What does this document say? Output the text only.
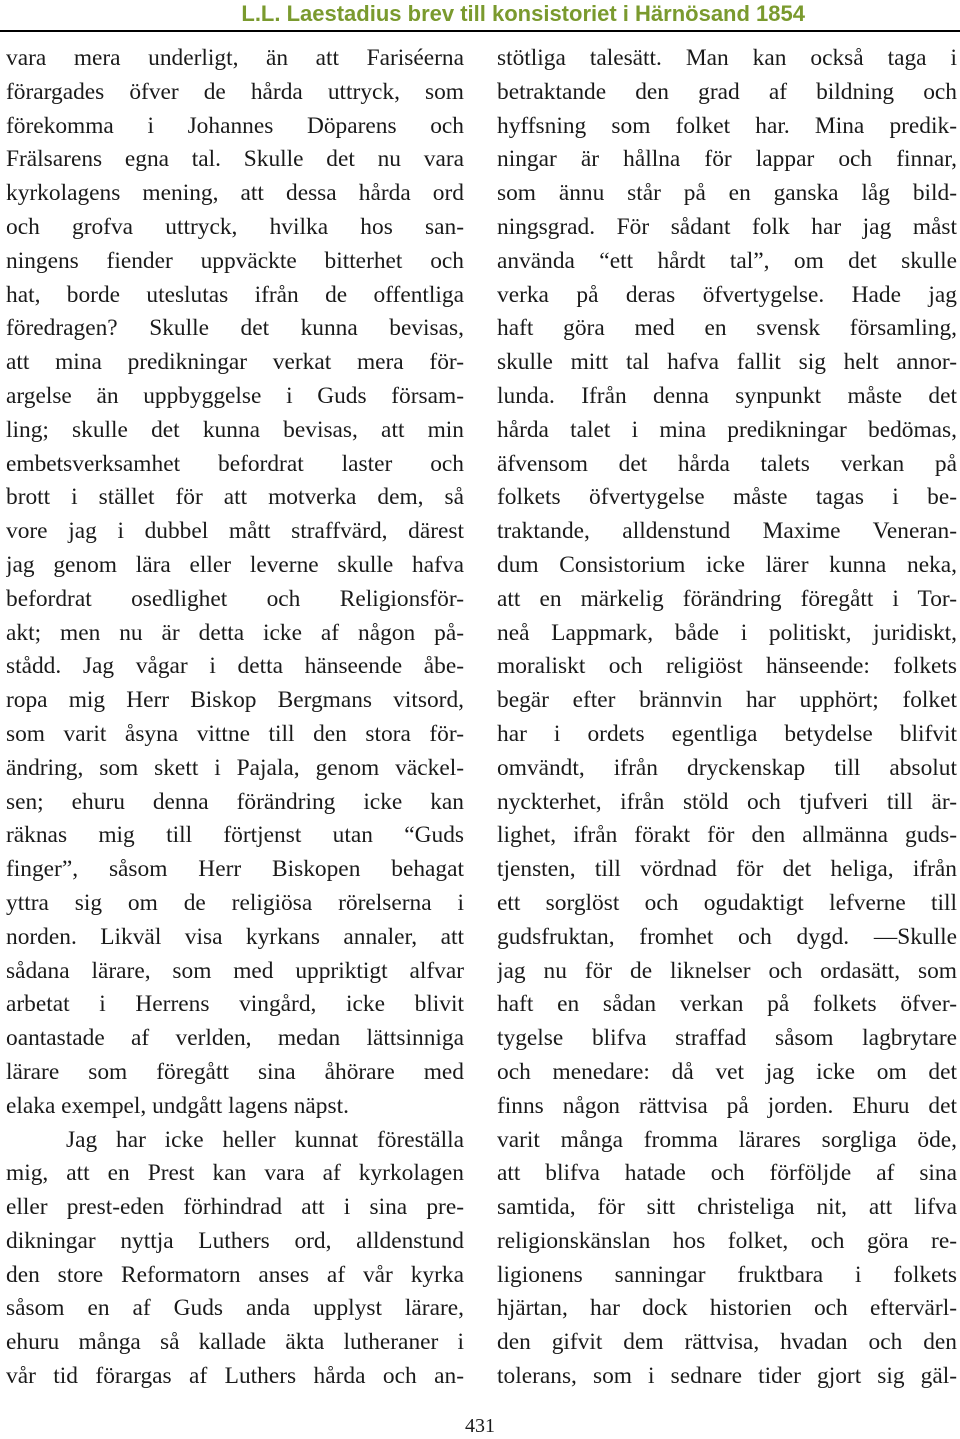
L.L. Laestadius brev till konsistoriet i Härnösand 1854
vara mera underligt, än att Fariséerna
förargades öfver de hårda uttryck, som
förekomma i Johannes Döparens och
Frälsarens egna tal. Skulle det nu vara
kyrkolagens mening, att dessa hårda ord
och grofva uttryck, hvilka hos san-
ningens fiender uppväckte bitterhet och
hat, borde uteslutas ifrån de offentliga
föredragen? Skulle det kunna bevisas,
att mina predikningar verkat mera för-
argelse än uppbyggelse i Guds försam-
ling; skulle det kunna bevisas, att min
embetsverksamhet befordrat laster och
brott i stället för att motverka dem, så
vore jag i dubbel mått straffvärd, därest
jag genom lära eller leverne skulle hafva
befordrat osedlighet och Religionsför-
akt; men nu är detta icke af någon på-
stådd. Jag vågar i detta hänseende åbe-
ropa mig Herr Biskop Bergmans vitsord,
som varit åsyna vittne till den stora för-
ändring, som skett i Pajala, genom väckel-
sen; ehuru denna förändring icke kan
räknas mig till förtjenst utan “Guds
finger”, såsom Herr Biskopen behagat
yttra sig om de religiösa rörelserna i
norden. Likväl visa kyrkans annaler, att
sådana lärare, som med uppriktigt alfvar
arbetat i Herrens vingård, icke blivit
oantastade af verlden, medan lättsinniga
lärare som föregått sina åhörare med
elaka exempel, undgått lagens näpst.
Jag har icke heller kunnat föreställa
mig, att en Prest kan vara af kyrkolagen
eller prest-eden förhindrad att i sina pre-
dikningar nyttja Luthers ord, alldenstund
den store Reformatorn anses af vår kyrka
såsom en af Guds anda upplyst lärare,
ehuru många så kallade äkta lutheraner i
vår tid förargas af Luthers hårda och an-
stötliga talesätt. Man kan också taga i
betraktande den grad af bildning och
hyffsning som folket har. Mina predik-
ningar är hållna för lappar och finnar,
som ännu står på en ganska låg bild-
ningsgrad. För sådant folk har jag måst
använda “ett hårdt tal”, om det skulle
verka på deras öfvertygelse. Hade jag
haft göra med en svensk församling,
skulle mitt tal hafva fallit sig helt annor-
lunda. Ifrån denna synpunkt måste det
hårda talet i mina predikningar bedömas,
äfvensom det hårda talets verkan på
folkets öfvertygelse måste tagas i be-
traktande, alldenstund Maxime Veneran-
dum Consistorium icke lärer kunna neka,
att en märkelig förändring föregått i Tor-
neå Lappmark, både i politiskt, juridiskt,
moraliskt och religiöst hänseende: folkets
begär efter brännvin har upphört; folket
har i ordets egentliga betydelse blifvit
omvändt, ifrån dryckenskap till absolut
nyckterhet, ifrån stöld och tjufveri till är-
lighet, ifrån förakt för den allmänna guds-
tjensten, till vördnad för det heliga, ifrån
ett sorglöst och ogudaktigt lefverne till
gudsfruktan, fromhet och dygd. —Skulle
jag nu för de liknelser och ordasätt, som
haft en sådan verkan på folkets öfver-
tygelse blifva straffad såsom lagbrytare
och menedare: då vet jag icke om det
finns någon rättvisa på jorden. Ehuru det
varit många fromma lärares sorgliga öde,
att blifva hatade och förföljde af sina
samtida, för sitt christeliga nit, att lifva
religionskänslan hos folket, och göra re-
ligionens sanningar fruktbara i folkets
hjärtan, har dock historien och eftervärl-
den gifvit dem rättvisa, hvadan och den
tolerans, som i sednare tider gjort sig gäl-
431
